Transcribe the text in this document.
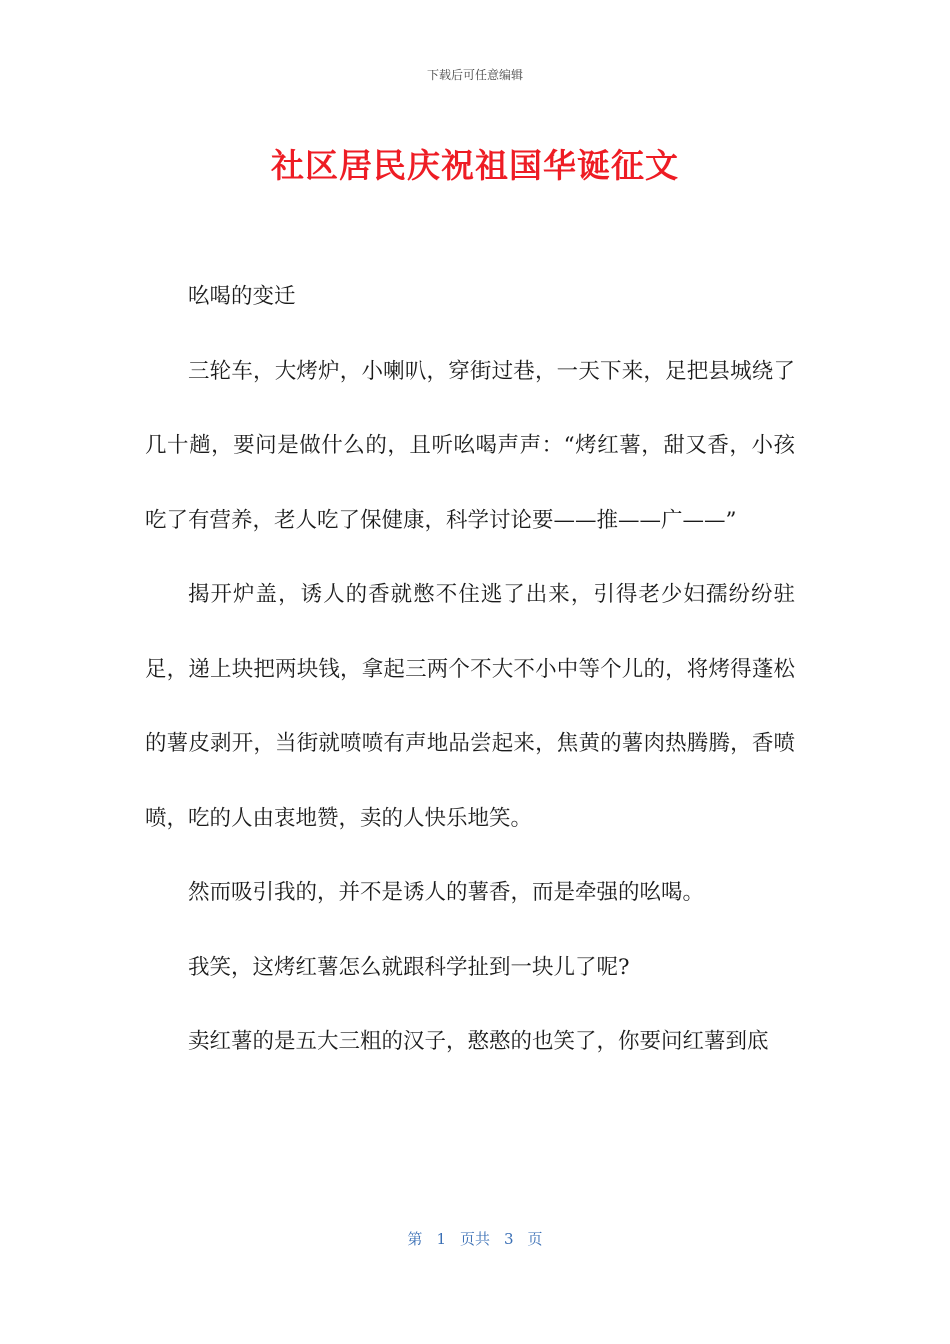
下载后可任意编辑
社区居民庆祝祖国华诞征文

吆喝的变迁

三轮车，大烤炉，小喇叭，穿街过巷，一天下来，足把县城绕了几十趟，要问是做什么的，且听吆喝声声：“烤红薯，甜又香，小孩吃了有营养，老人吃了保健康，科学讨论要——推——广——”

揭开炉盖，诱人的香就憋不住逃了出来，引得老少妇孺纷纷驻足，递上块把两块钱，拿起三两个不大不小中等个儿的，将烤得蓬松的薯皮剥开，当街就喷喷有声地品尝起来，焦黄的薯肉热腾腾，香喷喷，吃的人由衷地赞，卖的人快乐地笑。

然而吸引我的，并不是诱人的薯香，而是牵强的吆喝。

我笑，这烤红薯怎么就跟科学扯到一块儿了呢?

卖红薯的是五大三粗的汉子，憨憨的也笑了，你要问红薯到底

第 1 页共 3 页
